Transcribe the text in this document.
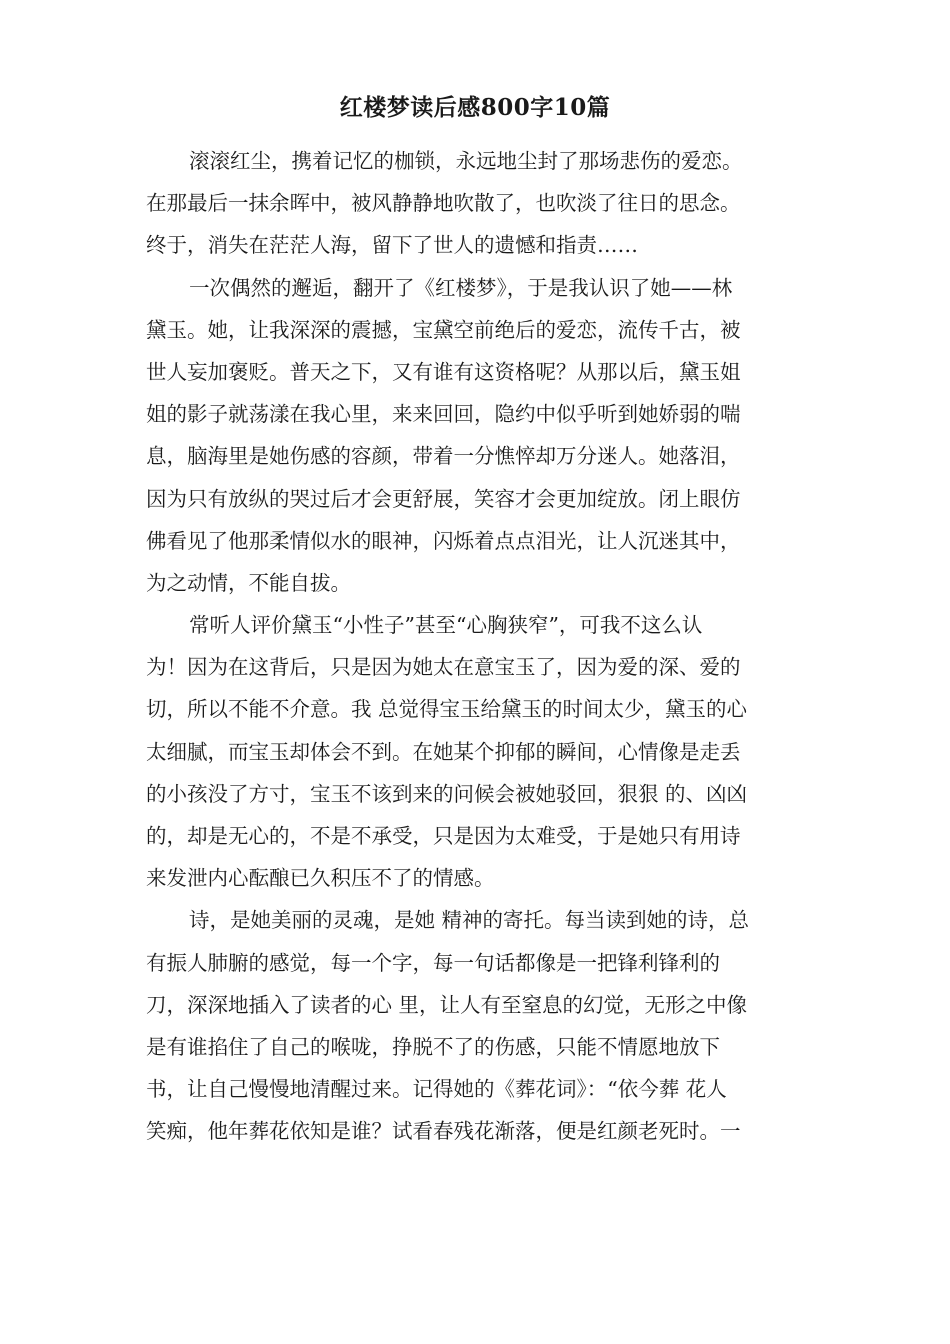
红楼梦读后感800字10篇
滚滚红尘，携着记忆的枷锁，永远地尘封了那场悲伤的爱恋。
在那最后一抹余晖中，被风静静地吹散了，也吹淡了往日的思念。
终于，消失在茫茫人海，留下了世人的遗憾和指责……
一次偶然的邂逅，翻开了《红楼梦》，于是我认识了她——林
黛玉。她，让我深深的震撼，宝黛空前绝后的爱恋，流传千古，被
世人妄加褒贬。普天之下，又有谁有这资格呢？从那以后，黛玉姐
姐的影子就荡漾在我心里，来来回回，隐约中似乎听到她娇弱的喘
息，脑海里是她伤感的容颜，带着一分憔悴却万分迷人。她落泪，
因为只有放纵的哭过后才会更舒展，笑容才会更加绽放。闭上眼仿
佛看见了他那柔情似水的眼神，闪烁着点点泪光，让人沉迷其中，
为之动情，不能自拔。
常听人评价黛玉“小性子”甚至“心胸狭窄”，可我不这么认
为！因为在这背后，只是因为她太在意宝玉了，因为爱的深、爱的
切，所以不能不介意。我 总觉得宝玉给黛玉的时间太少，黛玉的心
太细腻，而宝玉却体会不到。在她某个抑郁的瞬间，心情像是走丢
的小孩没了方寸，宝玉不该到来的问候会被她驳回，狠狠 的、凶凶
的，却是无心的，不是不承受，只是因为太难受，于是她只有用诗
来发泄内心酝酿已久积压不了的情感。
诗，是她美丽的灵魂，是她 精神的寄托。每当读到她的诗，总
有振人肺腑的感觉，每一个字，每一句话都像是一把锋利锋利的
刀，深深地插入了读者的心 里，让人有至窒息的幻觉，无形之中像
是有谁掐住了自己的喉咙，挣脱不了的伤感，只能不情愿地放下
书，让自己慢慢地清醒过来。记得她的《葬花词》：“依今葬 花人
笑痴，他年葬花依知是谁？试看春残花渐落，便是红颜老死时。一
